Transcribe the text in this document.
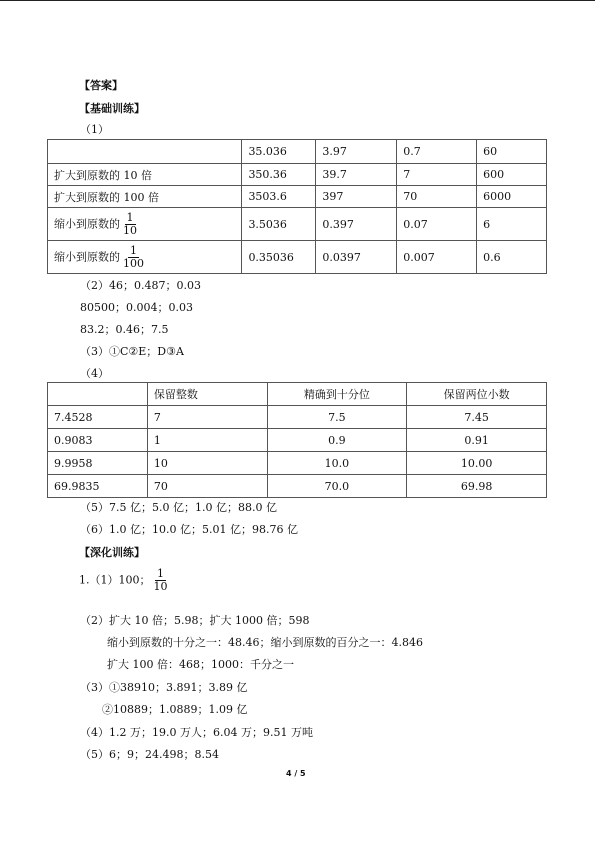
【答案】
【基础训练】
（1）
	35.036	3.97	0.7	60
扩大到原数的 10 倍	350.36	39.7	7	600
扩大到原数的 100 倍	3503.6	397	70	6000
缩小到原数的 $\frac{1}{10}$	3.5036	0.397	0.07	6
缩小到原数的 $\frac{1}{100}$	0.35036	0.0397	0.007	0.6
（2）46；0.487；0.03
80500；0.004；0.03
83.2；0.46；7.5
（3）①C②E；D③A
（4）
	保留整数	精确到十分位	保留两位小数
7.4528	7	7.5	7.45
0.9083	1	0.9	0.91
9.9958	10	10.0	10.00
69.9835	70	70.0	69.98
（5）7.5 亿；5.0 亿；1.0 亿；88.0 亿
（6）1.0 亿；10.0 亿；5.01 亿；98.76 亿
【深化训练】
1.（1）100； $\frac{1}{10}$
（2）扩大 10 倍；5.98；扩大 1000 倍；598
缩小到原数的十分之一：48.46；缩小到原数的百分之一：4.846
扩大 100 倍：468；1000：千分之一
（3）①38910；3.891；3.89 亿
②10889；1.0889；1.09 亿
（4）1.2 万；19.0 万人；6.04 万；9.51 万吨
（5）6；9；24.498；8.54
4 / 5
